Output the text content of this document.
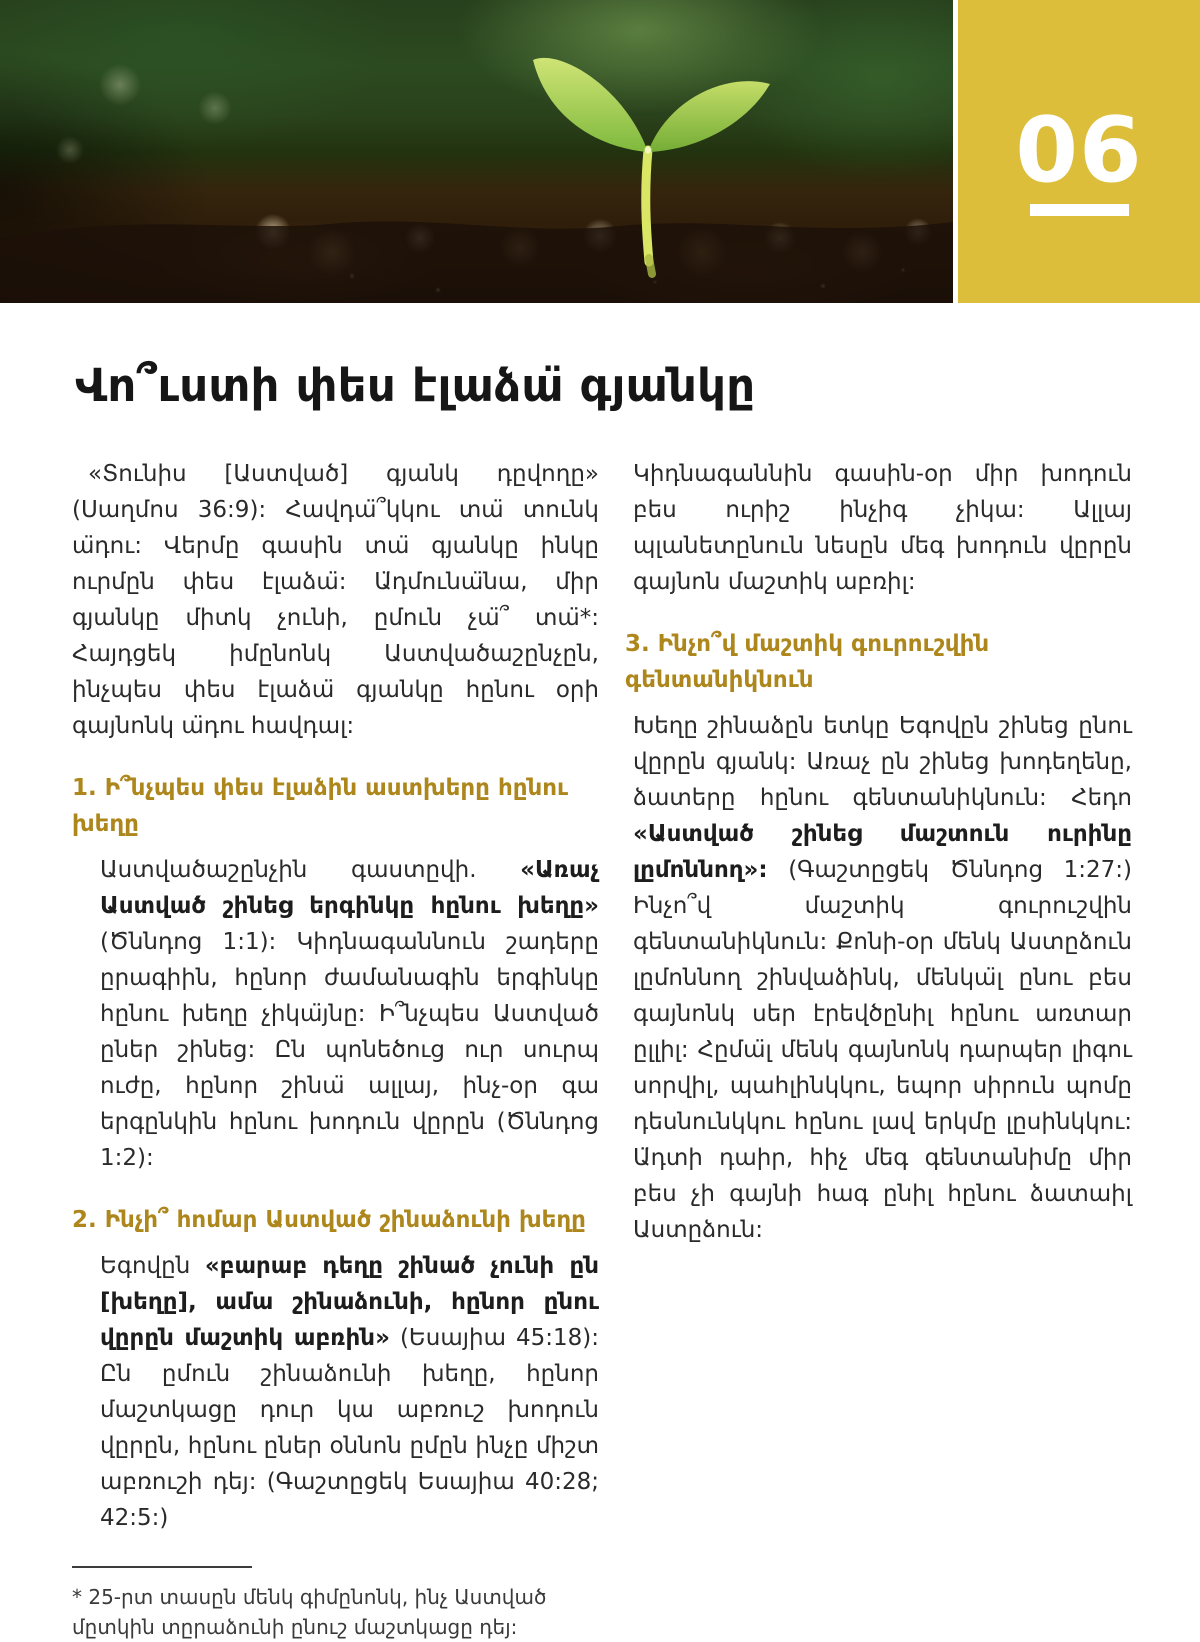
06
Վո՞ւստի փես էլաձա̈ գյանկը

«Տունիս [Աստված] գյանկ դըվողը» (Սաղմոս 36:9): Հավդա̈՞կկու տա̈ տունկ ա̈դու: Վերմը գասին տա̈ գյանկը ինկը ուրմըն փես էլաձա̈: Ա̈դմունա̈նա, միր գյանկը միտկ չունի, ըմուն չա̈՞ տա̈*: Հայդցեկ իմընոնկ Աստվածաշընչըն, ինչպես փես էլաձա̈ գյանկը հընու օրի գայնոնկ ա̈դու հավդալ:

1. Ի՞նչպես փես էլաձին աստխերը հընու խեղը

Աստվածաշընչին գաստըվի. «Առաչ Աստված շինեց երգինկը հընու խեղը» (Ծննդոց 1:1): Կիդնագաննուն շադերը ըրագիին, հընոր ժամանագին երգինկը հընու խեղը չիկա̈յնը: Ի՞նչպես Աստված ըներ շինեց: Ըն պոնեծուց ուր սուրպ ուժը, հընոր շինա̈ ալլայ, ինչ-օր գա երգընկին հընու խոդուն վըրըն (Ծննդոց 1:2):

2. Ինչի՞ հոմար Աստված շինաձունի խեղը

Եգովըն «բարաբ դեղը շինած չունի ըն [խեղը], ամա շինաձունի, հընոր ընու վըրըն մաշտիկ աբռին» (Եսայիա 45:18): Ըն ըմուն շինաձունի խեղը, հընոր մաշտկացը դուր կա աբռուշ խոդուն վըրըն, հընու ըներ օննոն ըմըն ինչը միշտ աբռուշի դեյ: (Գաշտըցեկ Եսայիա 40:28; 42:5:)

* 25-րտ տասըն մենկ գիմընոնկ, ինչ Աստված մըտկին տըրաձունի ընուշ մաշտկացը դեյ:

Կիդնագաննին գասին-օր միր խոդուն բես ուրիշ ինչիգ չիկա: Ալլայ պլանետընուն նեսըն մեգ խոդուն վըրըն գայնոն մաշտիկ աբռիլ:

3. Ինչո՞վ մաշտիկ գուրուշվին գենտանիկնուն

Խեղը շինաձըն ետկը Եգովըն շինեց ընու վըրըն գյանկ: Առաչ ըն շինեց խոդեղենը, ձատերը հընու գենտանիկնուն: Հեդո «Աստված շինեց մաշտուն ուրինը լըմոննող»: (Գաշտըցեկ Ծննդոց 1:27:) Ինչո՞վ մաշտիկ գուրուշվին գենտանիկնուն: Քոնի-օր մենկ Աստըձուն լըմոննող շինվաձինկ, մենկա̈լ ընու բես գայնոնկ սեր էրեվծընիլ հընու առտար ըլլիլ: Հըմա̈լ մենկ գայնոնկ դարպեր լիգու սորվիլ, պահլինկկու, եպոր սիրուն պոմը դեսնունկկու հընու լավ երկմը լըսինկկու: Ա̈դտի դաիր, հիչ մեգ գենտանիմը միր բես չի գայնի հագ ընիլ հընու ձատաիլ Աստըձուն:
